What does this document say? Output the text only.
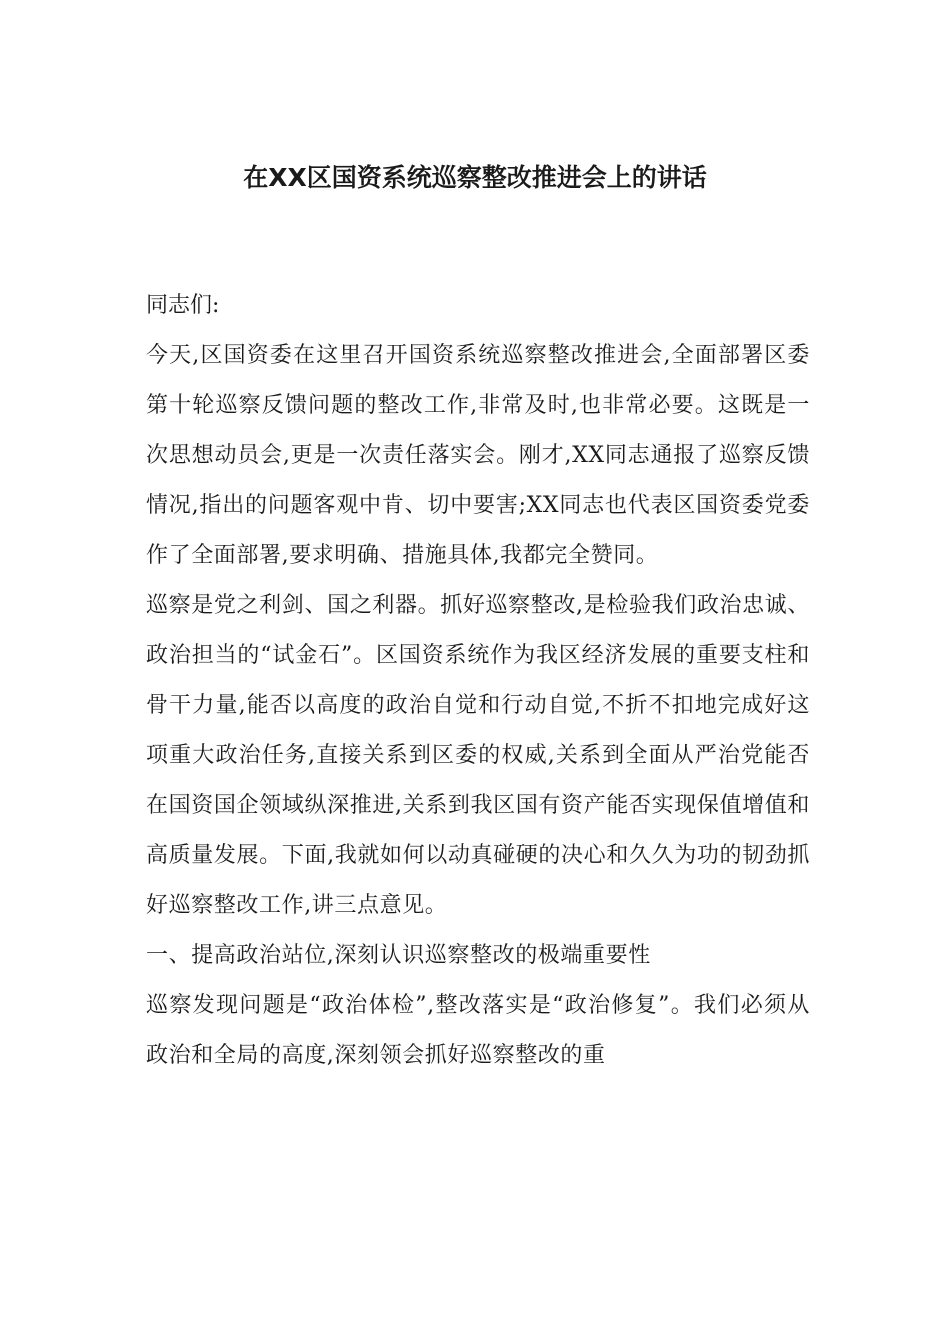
在XX区国资系统巡察整改推进会上的讲话

同志们:

今天,区国资委在这里召开国资系统巡察整改推进会,全面部署区委第十轮巡察反馈问题的整改工作,非常及时,也非常必要。这既是一次思想动员会,更是一次责任落实会。刚才,XX同志通报了巡察反馈情况,指出的问题客观中肯、切中要害;XX同志也代表区国资委党委作了全面部署,要求明确、措施具体,我都完全赞同。

巡察是党之利剑、国之利器。抓好巡察整改,是检验我们政治忠诚、政治担当的“试金石”。区国资系统作为我区经济发展的重要支柱和骨干力量,能否以高度的政治自觉和行动自觉,不折不扣地完成好这项重大政治任务,直接关系到区委的权威,关系到全面从严治党能否在国资国企领域纵深推进,关系到我区国有资产能否实现保值增值和高质量发展。下面,我就如何以动真碰硬的决心和久久为功的韧劲抓好巡察整改工作,讲三点意见。

一、提高政治站位,深刻认识巡察整改的极端重要性

巡察发现问题是“政治体检”,整改落实是“政治修复”。我们必须从政治和全局的高度,深刻领会抓好巡察整改的重
